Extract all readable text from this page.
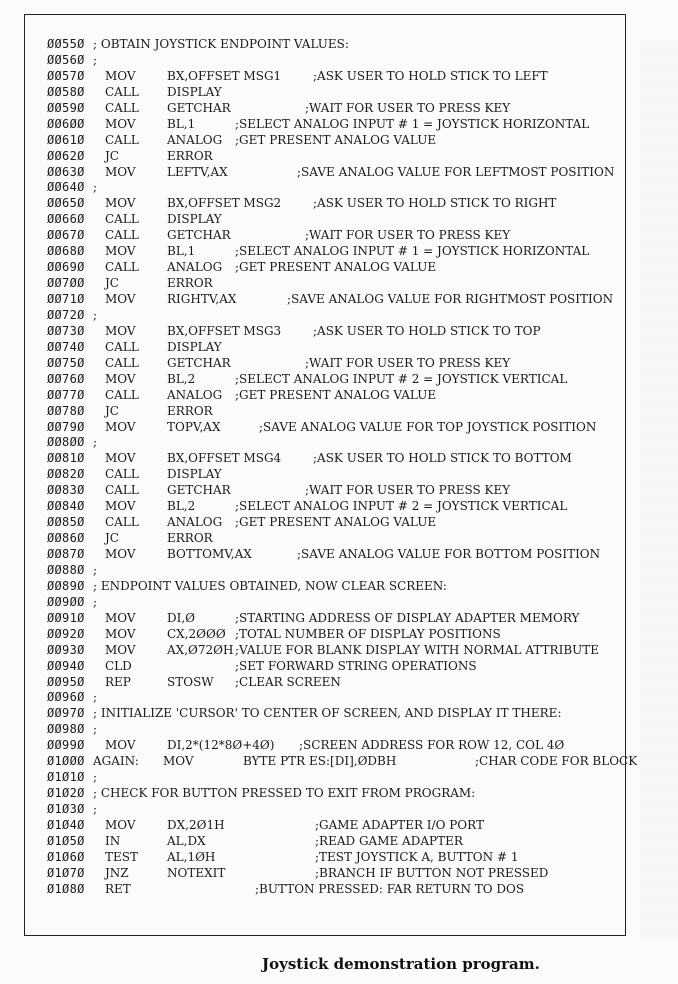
ØØ55Ø ; OBTAIN JOYSTICK ENDPOINT VALUES:
ØØ56Ø ;
ØØ57Ø MOV	BX,OFFSET MSG1	;ASK USER TO HOLD STICK TO LEFT
ØØ58Ø CALL DISPLAY
ØØ59Ø CALL GETCHAR	;WAIT FOR USER TO PRESS KEY
ØØ6ØØ MOV	BL,1	;SELECT ANALOG INPUT # 1 = JOYSTICK HORIZONTAL
ØØ61Ø CALL ANALOG ;GET PRESENT ANALOG VALUE
ØØ62Ø JC	ERROR
ØØ63Ø MOV	LEFTV,AX	;SAVE ANALOG VALUE FOR LEFTMOST POSITION
ØØ64Ø ;
ØØ65Ø MOV	BX,OFFSET MSG2	;ASK USER TO HOLD STICK TO RIGHT
ØØ66Ø CALL DISPLAY
ØØ67Ø CALL GETCHAR	;WAIT FOR USER TO PRESS KEY
ØØ68Ø MOV	BL,1	;SELECT ANALOG INPUT # 1 = JOYSTICK HORIZONTAL
ØØ69Ø CALL ANALOG ;GET PRESENT ANALOG VALUE
ØØ7ØØ JC	ERROR
ØØ71Ø MOV	RIGHTV,AX	;SAVE ANALOG VALUE FOR RIGHTMOST POSITION
ØØ72Ø ;
ØØ73Ø MOV	BX,OFFSET MSG3	;ASK USER TO HOLD STICK TO TOP
ØØ74Ø CALL DISPLAY
ØØ75Ø CALL GETCHAR	;WAIT FOR USER TO PRESS KEY
ØØ76Ø MOV	BL,2	;SELECT ANALOG INPUT # 2 = JOYSTICK VERTICAL
ØØ77Ø CALL ANALOG ;GET PRESENT ANALOG VALUE
ØØ78Ø JC	ERROR
ØØ79Ø MOV	TOPV,AX	;SAVE ANALOG VALUE FOR TOP JOYSTICK POSITION
ØØ8ØØ ;
ØØ81Ø MOV	BX,OFFSET MSG4	;ASK USER TO HOLD STICK TO BOTTOM
ØØ82Ø CALL DISPLAY
ØØ83Ø CALL GETCHAR	;WAIT FOR USER TO PRESS KEY
ØØ84Ø MOV	BL,2	;SELECT ANALOG INPUT # 2 = JOYSTICK VERTICAL
ØØ85Ø CALL ANALOG ;GET PRESENT ANALOG VALUE
ØØ86Ø JC	ERROR
ØØ87Ø MOV	BOTTOMV,AX	;SAVE ANALOG VALUE FOR BOTTOM POSITION
ØØ88Ø ;
ØØ89Ø ; ENDPOINT VALUES OBTAINED, NOW CLEAR SCREEN:
ØØ9ØØ ;
ØØ91Ø MOV	DI,Ø	;STARTING ADDRESS OF DISPLAY ADAPTER MEMORY
ØØ92Ø MOV	CX,2ØØØ ;TOTAL NUMBER OF DISPLAY POSITIONS
ØØ93Ø MOV	AX,Ø72ØH ;VALUE FOR BLANK DISPLAY WITH NORMAL ATTRIBUTE
ØØ94Ø CLD	;SET FORWARD STRING OPERATIONS
ØØ95Ø REP	STOSW ;CLEAR SCREEN
ØØ96Ø ;
ØØ97Ø ; INITIALIZE 'CURSOR' TO CENTER OF SCREEN, AND DISPLAY IT THERE:
ØØ98Ø ;
ØØ99Ø MOV	DI,2*(12*8Ø+4Ø) ;SCREEN ADDRESS FOR ROW 12, COL 4Ø
Ø1ØØØ AGAIN: MOV	BYTE PTR ES:[DI],ØDBH	;CHAR CODE FOR BLOCK
Ø1Ø1Ø ;
Ø1Ø2Ø ; CHECK FOR BUTTON PRESSED TO EXIT FROM PROGRAM:
Ø1Ø3Ø ;
Ø1Ø4Ø MOV	DX,2Ø1H	;GAME ADAPTER I/O PORT
Ø1Ø5Ø IN	AL,DX	;READ GAME ADAPTER
Ø1Ø6Ø TEST AL,1ØH	;TEST JOYSTICK A, BUTTON # 1
Ø1Ø7Ø JNZ	NOTEXIT	;BRANCH IF BUTTON NOT PRESSED
Ø1Ø8Ø RET	;BUTTON PRESSED: FAR RETURN TO DOS
Joystick demonstration program.
